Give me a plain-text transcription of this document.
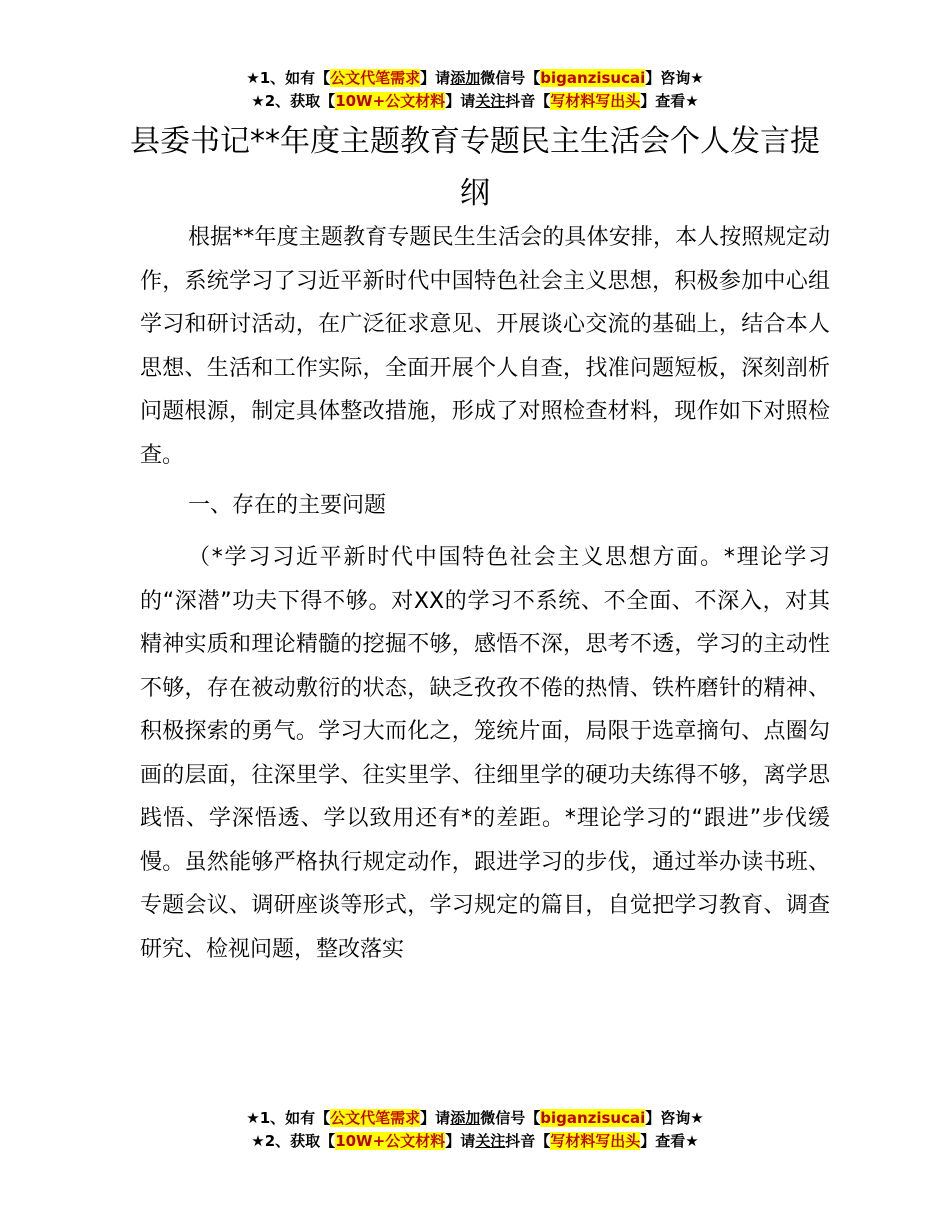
★1、如有【公文代笔需求】请添加微信号【biganzisucai】咨询★
★2、获取【10W+公文材料】请关注抖音【写材料写出头】查看★
县委书记**年度主题教育专题民主生活会个人发言提纲

根据**年度主题教育专题民生生活会的具体安排，本人按照规定动作，系统学习了习近平新时代中国特色社会主义思想，积极参加中心组学习和研讨活动，在广泛征求意见、开展谈心交流的基础上，结合本人思想、生活和工作实际，全面开展个人自查，找准问题短板，深刻剖析问题根源，制定具体整改措施，形成了对照检查材料，现作如下对照检查。

一、存在的主要问题

（*学习习近平新时代中国特色社会主义思想方面。*理论学习的“深潜”功夫下得不够。对XX的学习不系统、不全面、不深入，对其精神实质和理论精髓的挖掘不够，感悟不深，思考不透，学习的主动性不够，存在被动敷衍的状态，缺乏孜孜不倦的热情、铁杵磨针的精神、积极探索的勇气。学习大而化之，笼统片面，局限于选章摘句、点圈勾画的层面，往深里学、往实里学、往细里学的硬功夫练得不够，离学思践悟、学深悟透、学以致用还有*的差距。*理论学习的“跟进”步伐缓慢。虽然能够严格执行规定动作，跟进学习的步伐，通过举办读书班、专题会议、调研座谈等形式，学习规定的篇目，自觉把学习教育、调查研究、检视问题，整改落实

★1、如有【公文代笔需求】请添加微信号【biganzisucai】咨询★
★2、获取【10W+公文材料】请关注抖音【写材料写出头】查看★
